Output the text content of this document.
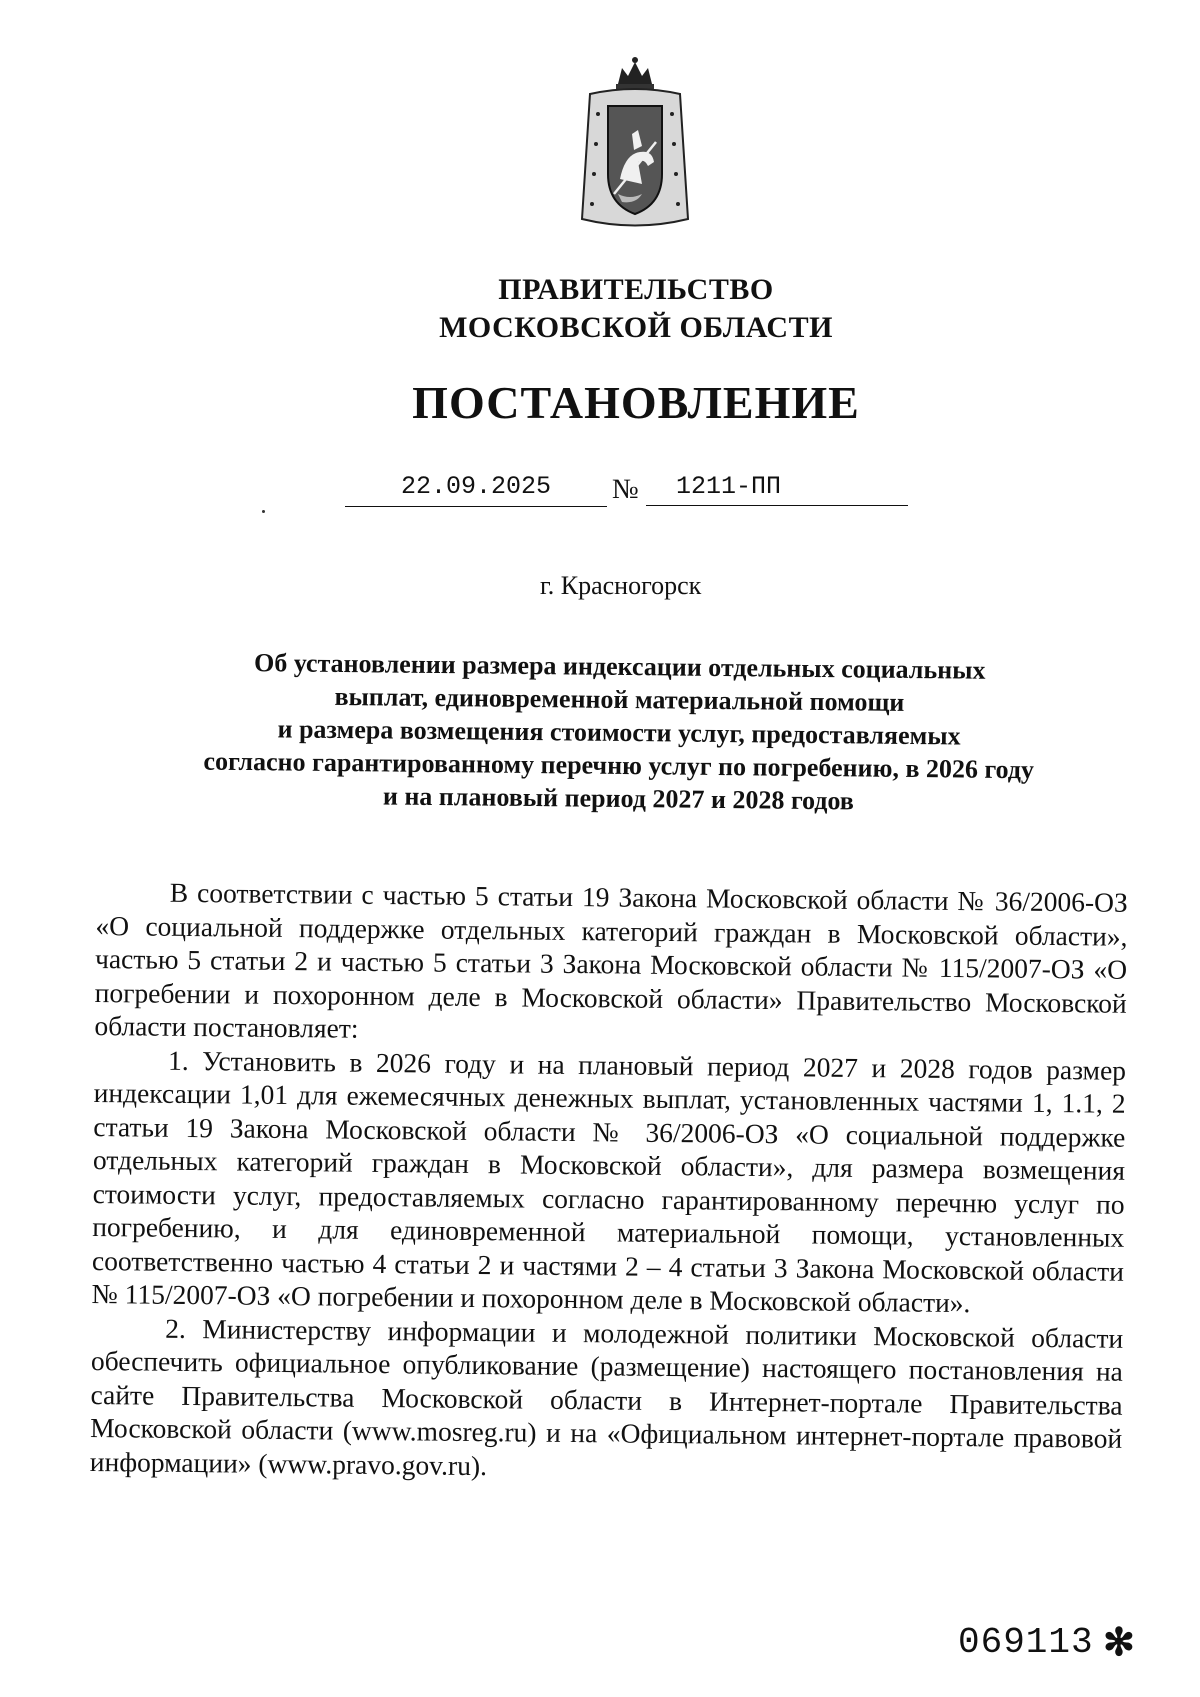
ПРАВИТЕЛЬСТВО
МОСКОВСКОЙ ОБЛАСТИ
ПОСТАНОВЛЕНИЕ
22.09.2025	№	1211-ПП
г. Красногорск
Об установлении размера индексации отдельных социальных
выплат, единовременной материальной помощи
и размера возмещения стоимости услуг, предоставляемых
согласно гарантированному перечню услуг по погребению, в 2026 году
и на плановый период 2027 и 2028 годов

В соответствии с частью 5 статьи 19 Закона Московской области № 36/2006-ОЗ «О социальной поддержке отдельных категорий граждан в Московской области», частью 5 статьи 2 и частью 5 статьи 3 Закона Московской области № 115/2007-ОЗ «О погребении и похоронном деле в Московской области» Правительство Московской области постановляет:

1. Установить в 2026 году и на плановый период 2027 и 2028 годов размер индексации 1,01 для ежемесячных денежных выплат, установленных частями 1, 1.1, 2 статьи 19 Закона Московской области № 36/2006-ОЗ «О социальной поддержке отдельных категорий граждан в Московской области», для размера возмещения стоимости услуг, предоставляемых согласно гарантированному перечню услуг по погребению, и для единовременной материальной помощи, установленных соответственно частью 4 статьи 2 и частями 2 – 4 статьи 3 Закона Московской области № 115/2007-ОЗ «О погребении и похоронном деле в Московской области».

2. Министерству информации и молодежной политики Московской области обеспечить официальное опубликование (размещение) настоящего постановления на сайте Правительства Московской области в Интернет-портале Правительства Московской области (www.mosreg.ru) и на «Официальном интернет-портале правовой информации» (www.pravo.gov.ru).

069113 ✻
